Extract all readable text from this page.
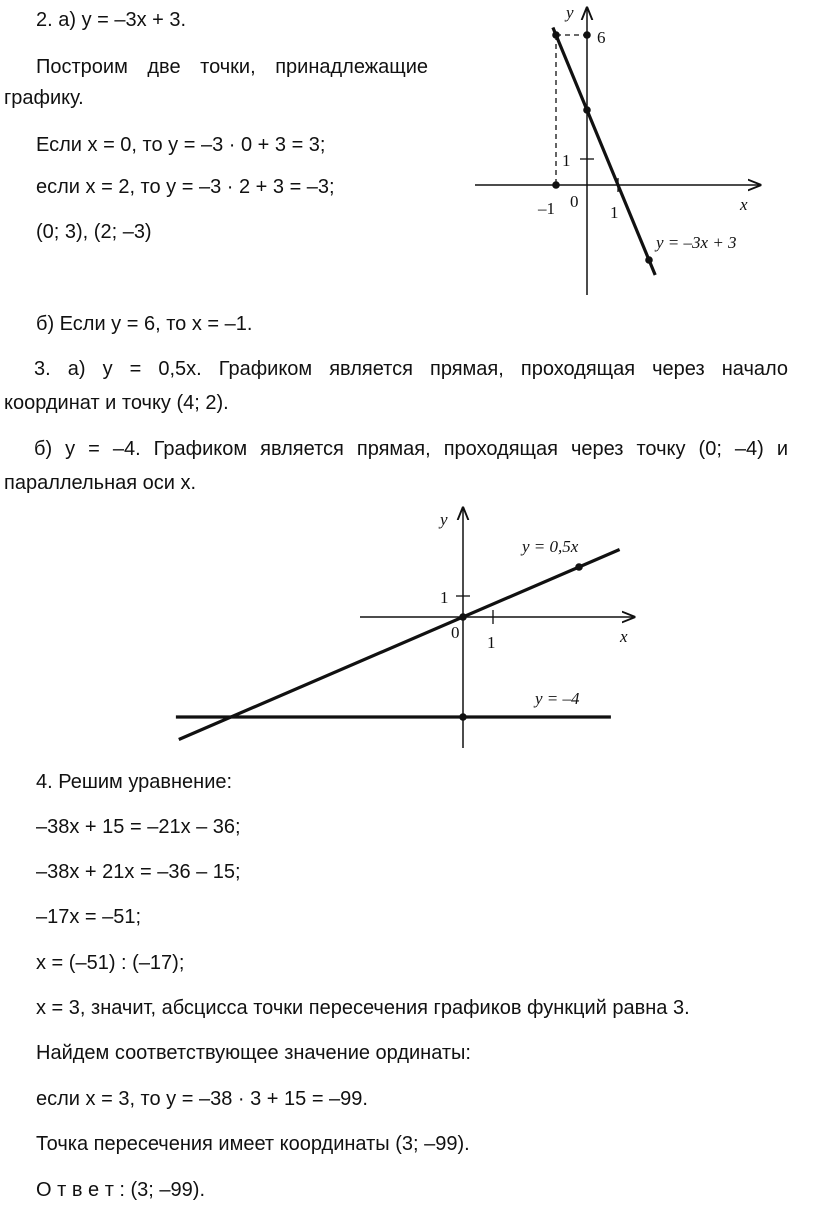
2. а) y = –3x + 3.
Построим две точки, принадлежащие
графику.
Если x = 0, то y = –3 · 0 + 3 = 3;
если x = 2, то y = –3 · 2 + 3 = –3;
(0; 3), (2; –3)
б) Если y = 6, то x = –1.
y
x
6
1
–1 0
1
y = –3x + 3
3. а) y = 0,5x. Графиком является прямая, проходящая через начало
координат и точку (4; 2).
б) y = –4. Графиком является прямая, проходящая через точку (0; –4) и
параллельная оси x.
y
x
1
0
1
y = 0,5x
y = –4
4. Решим уравнение:
–38x + 15 = –21x – 36;
–38x + 21x = –36 – 15;
–17x = –51;
x = (–51) : (–17);
x = 3, значит, абсцисса точки пересечения графиков функций равна 3.
Найдем соответствующее значение ординаты:
если x = 3, то y = –38 · 3 + 15 = –99.
Точка пересечения имеет координаты (3; –99).
О т в е т : (3; –99).
